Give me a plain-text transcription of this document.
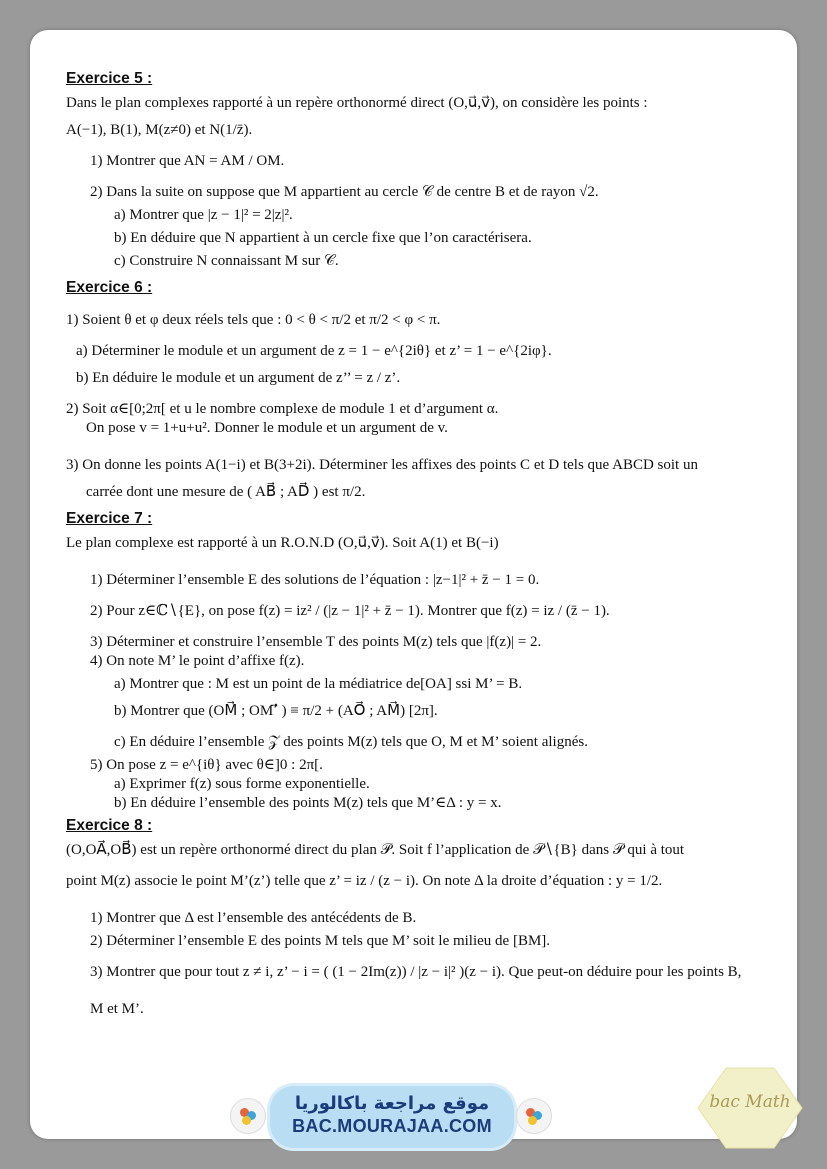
Exercice 5 :

Dans le plan complexes rapporté à un repère orthonormé direct (O,u⃗,v⃗), on considère les points :

A(−1), B(1), M(z≠0) et N(1/z̄).

1) Montrer que AN = AM / OM.

2) Dans la suite on suppose que M appartient au cercle 𝒞 de centre B et de rayon √2.

a) Montrer que |z − 1|² = 2|z|².

b) En déduire que N appartient à un cercle fixe que l’on caractérisera.

c) Construire N connaissant M sur 𝒞.

Exercice 6 :

1) Soient θ et φ deux réels tels que : 0 < θ < π/2 et π/2 < φ < π.

a) Déterminer le module et un argument de z = 1 − e^{2iθ} et z’ = 1 − e^{2iφ}.

b) En déduire le module et un argument de z’’ = z / z’.

2) Soit α∈[0;2π[ et u le nombre complexe de module 1 et d’argument α.

On pose v = 1+u+u². Donner le module et un argument de v.

3) On donne les points A(1−i) et B(3+2i). Déterminer les affixes des points C et D tels que ABCD soit un

carrée dont une mesure de ( AB⃗ ; AD⃗ ) est π/2.

Exercice 7 :

Le plan complexe est rapporté à un R.O.N.D (O,u⃗,v⃗). Soit A(1) et B(−i)

1) Déterminer l’ensemble E des solutions de l’équation : |z−1|² + z̄ − 1 = 0.

2) Pour z∈ℂ∖{E}, on pose f(z) = iz² / (|z − 1|² + z̄ − 1). Montrer que f(z) = iz / (z̄ − 1).

3) Déterminer et construire l’ensemble T des points M(z) tels que |f(z)| = 2.

4) On note M’ le point d’affixe f(z).

a) Montrer que : M est un point de la médiatrice de[OA] ssi M’ = B.

b) Montrer que (OM⃗ ; OM’⃗ ) ≡ π/2 + (AO⃗ ; AM⃗) [2π].

c) En déduire l’ensemble 𝒵 des points M(z) tels que O, M et M’ soient alignés.

5) On pose z = e^{iθ} avec θ∈]0 : 2π[.

a) Exprimer f(z) sous forme exponentielle.

b) En déduire l’ensemble des points M(z) tels que M’∈Δ : y = x.

Exercice 8 :

(O,OA⃗,OB⃗) est un repère orthonormé direct du plan 𝒫. Soit f l’application de 𝒫∖{B} dans 𝒫 qui à tout

point M(z) associe le point M’(z’) telle que z’ = iz / (z − i). On note Δ la droite d’équation : y = 1/2.

1) Montrer que Δ est l’ensemble des antécédents de B.

2) Déterminer l’ensemble E des points M tels que M’ soit le milieu de [BM].

3) Montrer que pour tout z ≠ i, z’ − i = ( (1 − 2Im(z)) / |z − i|² )(z − i). Que peut-on déduire pour les points B,

M et M’.

موقع مراجعة باكالوريا
BAC.MOURAJAA.COM
bac Math
